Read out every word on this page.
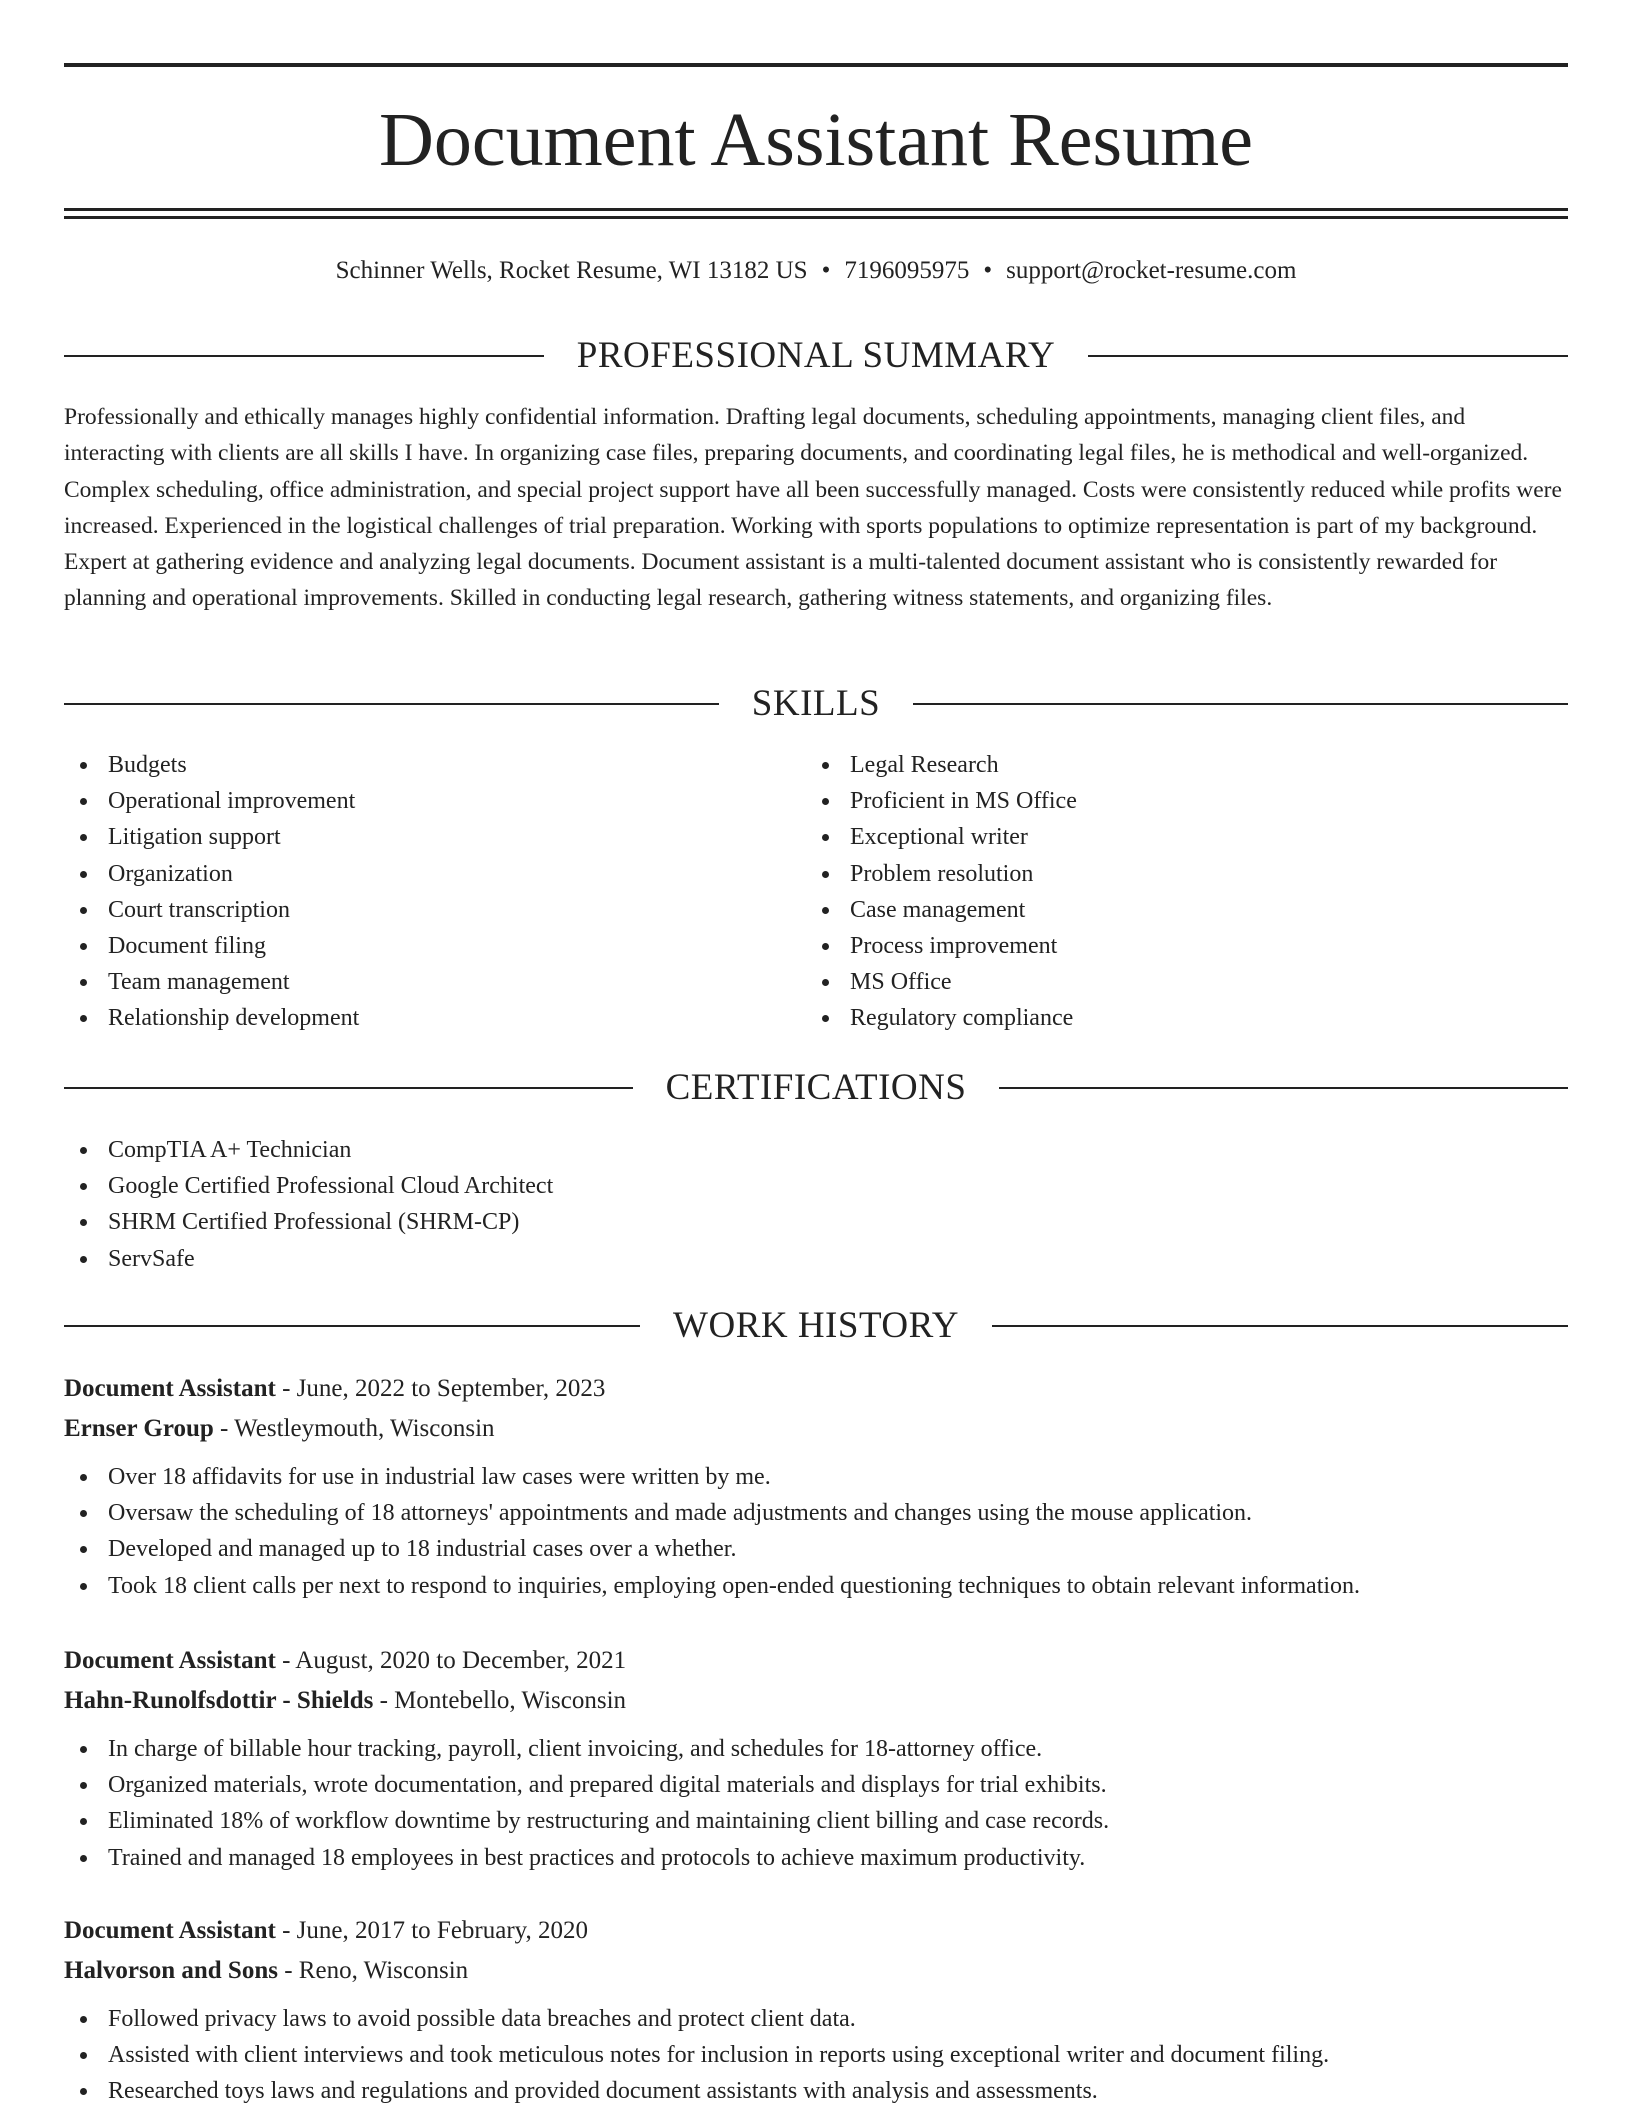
Document Assistant Resume
Schinner Wells, Rocket Resume, WI 13182 US • 7196095975 • support@rocket-resume.com
PROFESSIONAL SUMMARY

Professionally and ethically manages highly confidential information. Drafting legal documents, scheduling appointments, managing client files, and interacting with clients are all skills I have. In organizing case files, preparing documents, and coordinating legal files, he is methodical and well-organized. Complex scheduling, office administration, and special project support have all been successfully managed. Costs were consistently reduced while profits were increased. Experienced in the logistical challenges of trial preparation. Working with sports populations to optimize representation is part of my background. Expert at gathering evidence and analyzing legal documents. Document assistant is a multi-talented document assistant who is consistently rewarded for planning and operational improvements. Skilled in conducting legal research, gathering witness statements, and organizing files.

SKILLS
Budgets
Operational improvement
Litigation support
Organization
Court transcription
Document filing
Team management
Relationship development
Legal Research
Proficient in MS Office
Exceptional writer
Problem resolution
Case management
Process improvement
MS Office
Regulatory compliance
CERTIFICATIONS
CompTIA A+ Technician
Google Certified Professional Cloud Architect
SHRM Certified Professional (SHRM-CP)
ServSafe
WORK HISTORY
Document Assistant - June, 2022 to September, 2023
Ernser Group - Westleymouth, Wisconsin
Over 18 affidavits for use in industrial law cases were written by me.
Oversaw the scheduling of 18 attorneys' appointments and made adjustments and changes using the mouse application.
Developed and managed up to 18 industrial cases over a whether.
Took 18 client calls per next to respond to inquiries, employing open-ended questioning techniques to obtain relevant information.
Document Assistant - August, 2020 to December, 2021
Hahn-Runolfsdottir - Shields - Montebello, Wisconsin
In charge of billable hour tracking, payroll, client invoicing, and schedules for 18-attorney office.
Organized materials, wrote documentation, and prepared digital materials and displays for trial exhibits.
Eliminated 18% of workflow downtime by restructuring and maintaining client billing and case records.
Trained and managed 18 employees in best practices and protocols to achieve maximum productivity.
Document Assistant - June, 2017 to February, 2020
Halvorson and Sons - Reno, Wisconsin
Followed privacy laws to avoid possible data breaches and protect client data.
Assisted with client interviews and took meticulous notes for inclusion in reports using exceptional writer and document filing.
Researched toys laws and regulations and provided document assistants with analysis and assessments.
